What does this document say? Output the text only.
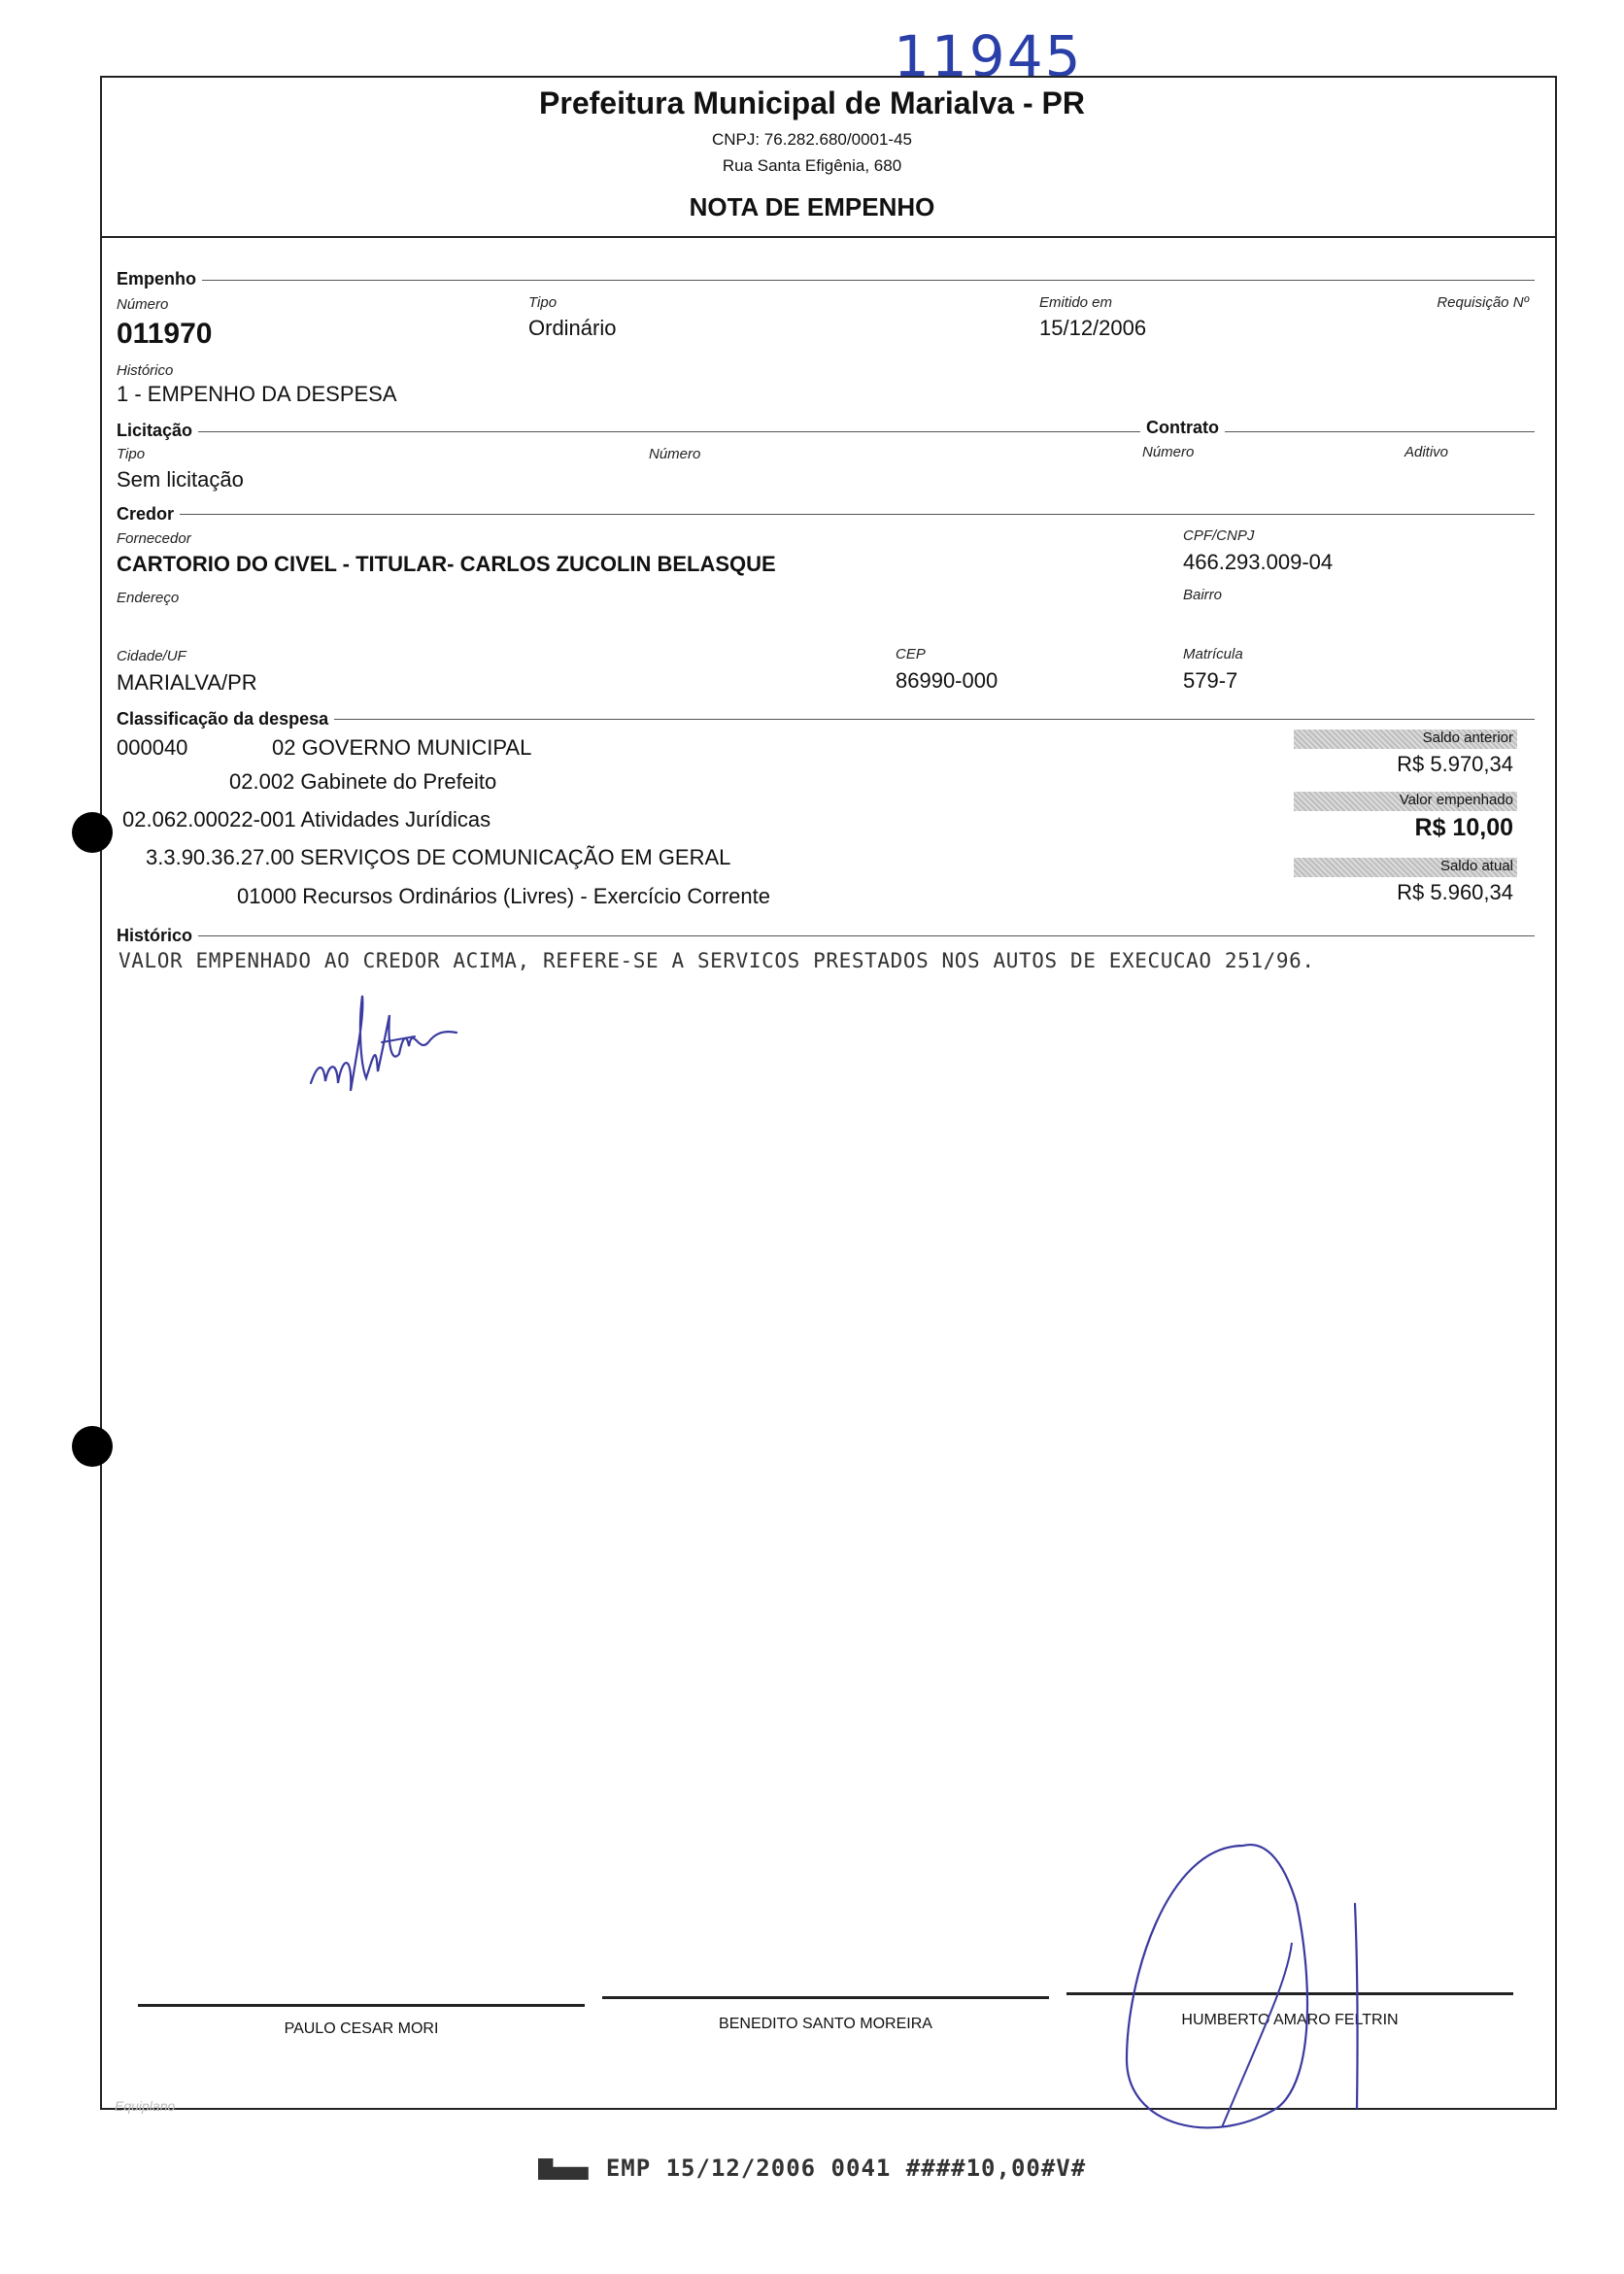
11945
Prefeitura Municipal de Marialva - PR
CNPJ: 76.282.680/0001-45
Rua Santa Efigênia, 680
NOTA DE EMPENHO
Empenho
Número
011970
Tipo
Ordinário
Emitido em
15/12/2006
Requisição Nº
Histórico
1 - EMPENHO DA DESPESA
Licitação	Contrato
Tipo
Sem licitação
Número	Número	Aditivo
Credor
Fornecedor
CARTORIO DO CIVEL - TITULAR- CARLOS ZUCOLIN BELASQUE
CPF/CNPJ
466.293.009-04
Endereço	Bairro
Cidade/UF
MARIALVA/PR
CEP
86990-000
Matrícula
579-7
Classificação da despesa
000040	02 GOVERNO MUNICIPAL
02.002 Gabinete do Prefeito
02.062.00022-001 Atividades Jurídicas
3.3.90.36.27.00 SERVIÇOS DE COMUNICAÇÃO EM GERAL
01000 Recursos Ordinários (Livres) - Exercício Corrente
Saldo anterior
R$ 5.970,34
Valor empenhado
R$ 10,00
Saldo atual
R$ 5.960,34
Histórico
VALOR EMPENHADO AO CREDOR ACIMA, REFERE-SE A SERVICOS PRESTADOS NOS AUTOS DE EXECUCAO 251/96.
PAULO CESAR MORI	BENEDITO SANTO MOREIRA	HUMBERTO AMARO FELTRIN
Equiplano
EMP 15/12/2006 0041 ####10,00#V#
